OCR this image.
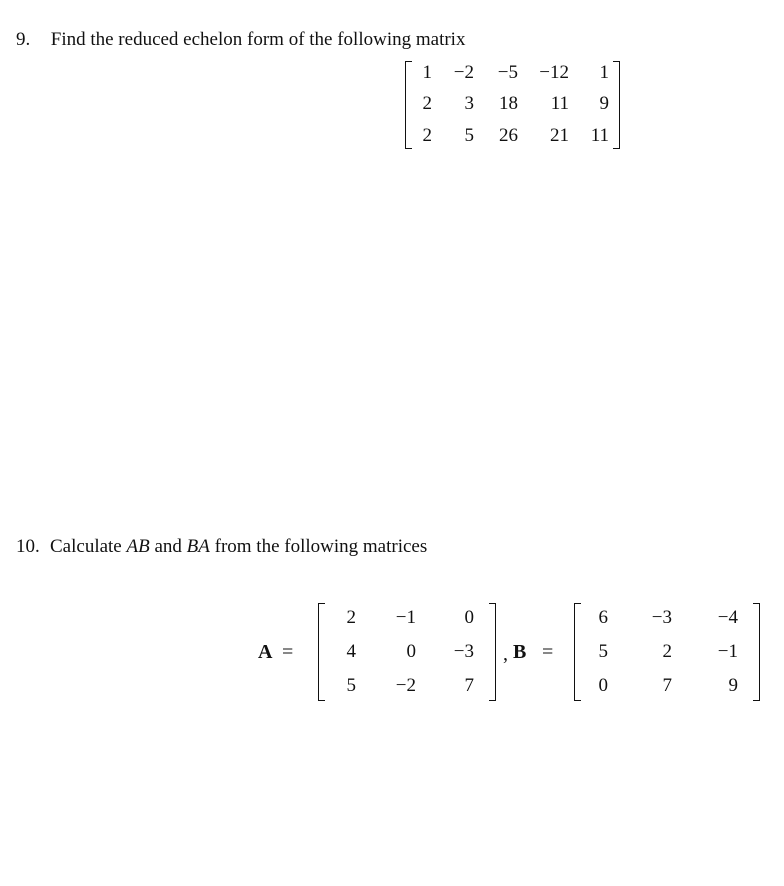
9. Find the reduced echelon form of the following matrix
1 −2 −5 −12 1
2 3 18 11 9
2 5 26 21 11
10. Calculate AB and BA from the following matrices
A =
2 −1	0
4	0 −3
5 −2	7
, B =
6 −3 −4
5	2 −1
0	7	9
